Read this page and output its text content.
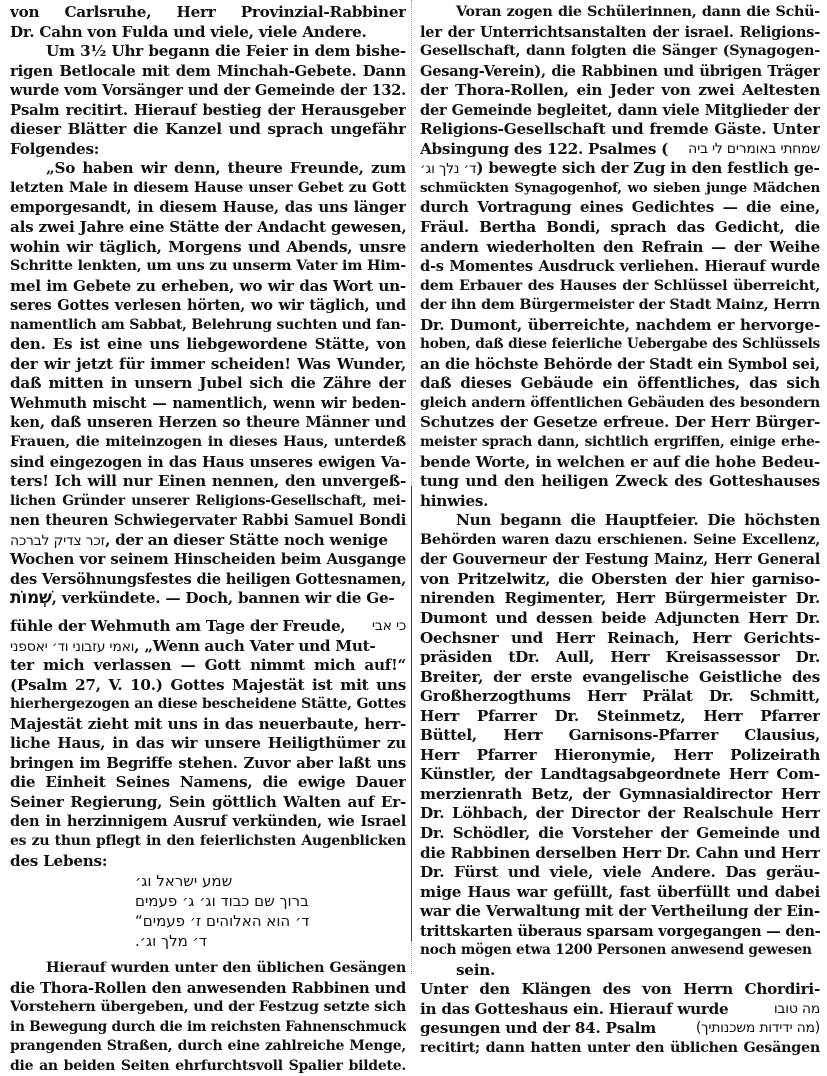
von Carlsruhe, Herr Provinzial-Rabbiner
Dr. Cahn von Fulda und viele, viele Andere.
Um 3½ Uhr begann die Feier in dem bishe-
rigen Betlocale mit dem Minchah-Gebete. Dann
wurde vom Vorsänger und der Gemeinde der 132.
Psalm recitirt. Hierauf bestieg der Herausgeber
dieser Blätter die Kanzel und sprach ungefähr
Folgendes:
„So haben wir denn, theure Freunde, zum
letzten Male in diesem Hause unser Gebet zu Gott
emporgesandt, in diesem Hause, das uns länger
als zwei Jahre eine Stätte der Andacht gewesen,
wohin wir täglich, Morgens und Abends, unsre
Schritte lenkten, um uns zu unserm Vater im Him-
mel im Gebete zu erheben, wo wir das Wort un-
seres Gottes verlesen hörten, wo wir täglich, und
namentlich am Sabbat, Belehrung suchten und fan-
den. Es ist eine uns liebgewordene Stätte, von
der wir jetzt für immer scheiden! Was Wunder,
daß mitten in unsern Jubel sich die Zähre der
Wehmuth mischt — namentlich, wenn wir beden-
ken, daß unseren Herzen so theure Männer und
Frauen, die miteinzogen in dieses Haus, unterdeß
sind eingezogen in das Haus unseres ewigen Va-
ters! Ich will nur Einen nennen, den unvergeß-
lichen Gründer unserer Religions-Gesellschaft, mei-
nen theuren Schwiegervater Rabbi Samuel Bondi
זכר צדיק לברכה, der an dieser Stätte noch wenige
Wochen vor seinem Hinscheiden beim Ausgange
des Versöhnungsfestes die heiligen Gottesnamen,
שְׁמוֹת, verkündete. — Doch, bannen wir die Ge-
fühle der Wehmuth am Tage der Freude, כי אבי
ואמי עזבוני וד׳ יאספני, „Wenn auch Vater und Mut-
ter mich verlassen — Gott nimmt mich auf!“
(Psalm 27, V. 10.) Gottes Majestät ist mit uns
hierhergezogen an diese bescheidene Stätte, Gottes
Majestät zieht mit uns in das neuerbaute, herr-
liche Haus, in das wir unsere Heiligthümer zu
bringen im Begriffe stehen. Zuvor aber laßt uns
die Einheit Seines Namens, die ewige Dauer
Seiner Regierung, Sein göttlich Walten auf Er-
den in herzinnigem Ausruf verkünden, wie Israel
es zu thun pflegt in den feierlichsten Augenblicken
des Lebens:
שמע ישראל וג׳
ברוך שם כבוד וג׳ ג׳ פעמים
ד׳ הוא האלוהים ז׳ פעמים“
ד׳ מלך וג׳.
Hierauf wurden unter den üblichen Gesängen
die Thora-Rollen den anwesenden Rabbinen und
Vorstehern übergeben, und der Festzug setzte sich
in Bewegung durch die im reichsten Fahnenschmuck
prangenden Straßen, durch eine zahlreiche Menge,
die an beiden Seiten ehrfurchtsvoll Spalier bildete.
Voran zogen die Schülerinnen, dann die Schü-
ler der Unterrichtsanstalten der israel. Religions-
Gesellschaft, dann folgten die Sänger (Synagogen-
Gesang-Verein), die Rabbinen und übrigen Träger
der Thora-Rollen, ein Jeder von zwei Aeltesten
der Gemeinde begleitet, dann viele Mitglieder der
Religions-Gesellschaft und fremde Gäste. Unter
Absingung des 122. Psalmes ( שמחתי באומרים לי ביה
ד׳ נלך וג׳) bewegte sich der Zug in den festlich ge-
schmückten Synagogenhof, wo sieben junge Mädchen
durch Vortragung eines Gedichtes — die eine,
Fräul. Bertha Bondi, sprach das Gedicht, die
andern wiederholten den Refrain — der Weihe
d-s Momentes Ausdruck verliehen. Hierauf wurde
dem Erbauer des Hauses der Schlüssel überreicht,
der ihn dem Bürgermeister der Stadt Mainz, Herrn
Dr. Dumont, überreichte, nachdem er hervorge-
hoben, daß diese feierliche Uebergabe des Schlüssels
an die höchste Behörde der Stadt ein Symbol sei,
daß dieses Gebäude ein öffentliches, das sich
gleich andern öffentlichen Gebäuden des besondern
Schutzes der Gesetze erfreue. Der Herr Bürger-
meister sprach dann, sichtlich ergriffen, einige erhe-
bende Worte, in welchen er auf die hohe Bedeu-
tung und den heiligen Zweck des Gotteshauses
hinwies.
Nun begann die Hauptfeier. Die höchsten
Behörden waren dazu erschienen. Seine Excellenz,
der Gouverneur der Festung Mainz, Herr General
von Pritzelwitz, die Obersten der hier garniso-
nirenden Regimenter, Herr Bürgermeister Dr.
Dumont und dessen beide Adjuncten Herr Dr.
Oechsner und Herr Reinach, Herr Gerichts-
präsiden tDr. Aull, Herr Kreisassessor Dr.
Breiter, der erste evangelische Geistliche des
Großherzogthums Herr Prälat Dr. Schmitt,
Herr Pfarrer Dr. Steinmetz, Herr Pfarrer
Büttel, Herr Garnisons-Pfarrer Clausius,
Herr Pfarrer Hieronymie, Herr Polizeirath
Künstler, der Landtagsabgeordnete Herr Com-
merzienrath Betz, der Gymnasialdirector Herr
Dr. Löhbach, der Director der Realschule Herr
Dr. Schödler, die Vorsteher der Gemeinde und
die Rabbinen derselben Herr Dr. Cahn und Herr
Dr. Fürst und viele, viele Andere. Das geräu-
mige Haus war gefüllt, fast überfüllt und dabei
war die Verwaltung mit der Vertheilung der Ein-
trittskarten überaus sparsam vorgegangen — den-
noch mögen etwa 1200 Personen anwesend gewesen
sein.
Unter den Klängen des von Herrn Chordiri-
in das Gotteshaus ein. Hierauf wurde	מה טובו
gesungen und der 84. Psalm	(מה ידידות משכנותיך)
recitirt; dann hatten unter den üblichen Gesängen
